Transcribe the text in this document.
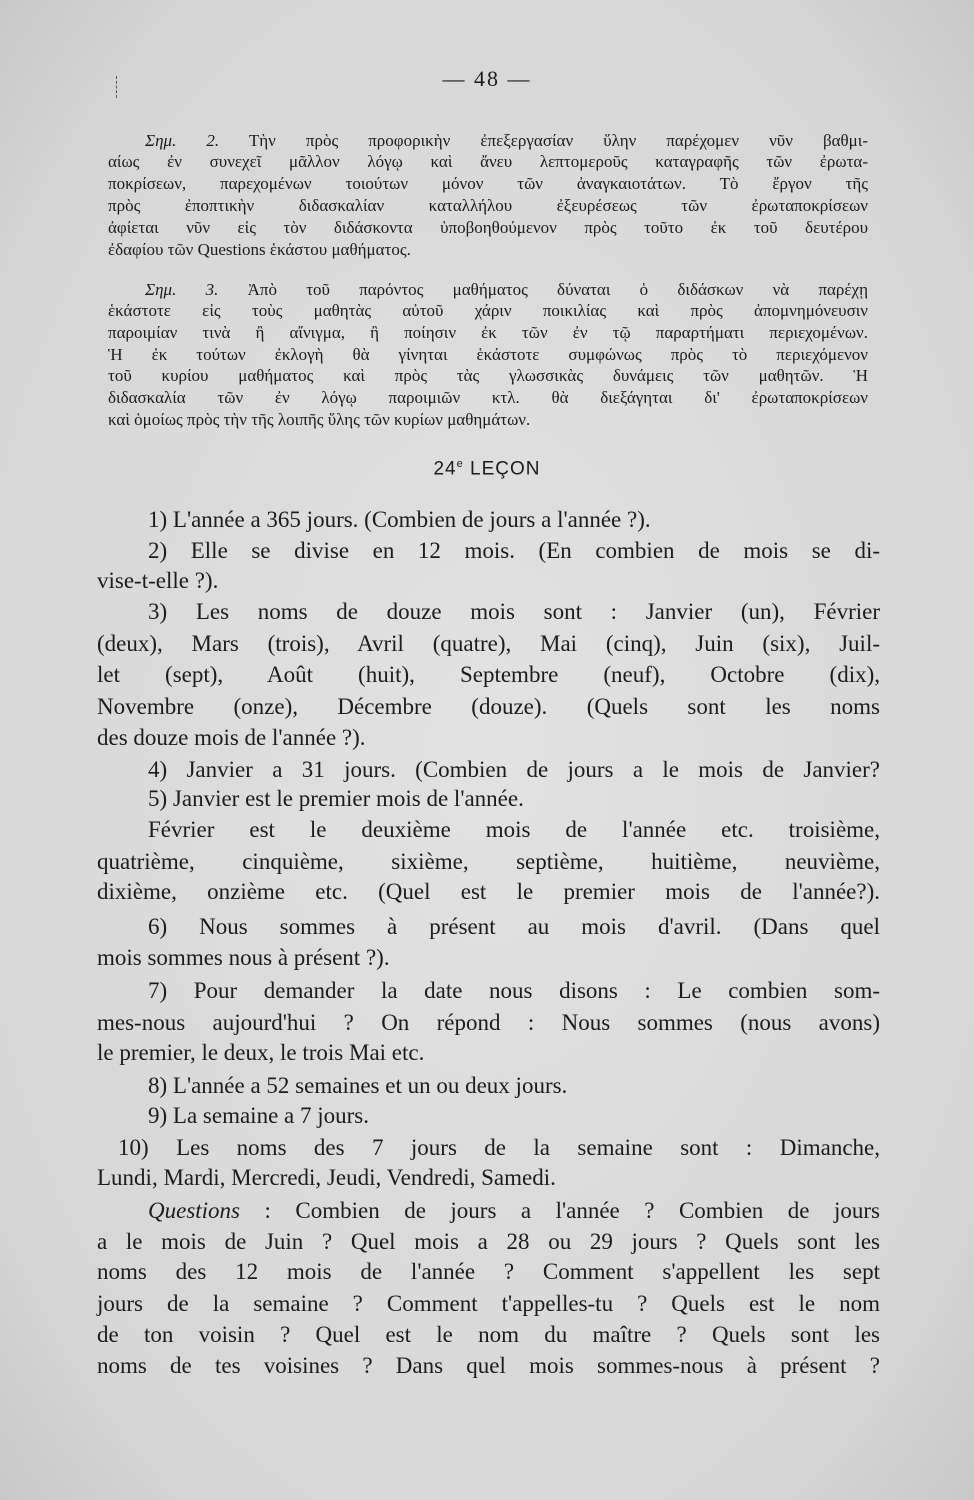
— 48 —
Σημ. 2. Τὴν πρὸς προφορικὴν ἐπεξεργασίαν ὕλην παρέχομεν νῦν βαθμι-
αίως ἐν συνεχεῖ μᾶλλον λόγῳ καὶ ἄνευ λεπτομεροῦς καταγραφῆς τῶν ἐρωτα-
ποκρίσεων, παρεχομένων τοιούτων μόνον τῶν ἀναγκαιοτάτων. Τὸ ἔργον τῆς
πρὸς ἐποπτικὴν διδασκαλίαν καταλλήλου ἐξευρέσεως τῶν ἐρωταποκρίσεων
ἀφίεται νῦν εἰς τὸν διδάσκοντα ὑποβοηθούμενον πρὸς τοῦτο ἐκ τοῦ δευτέρου
ἐδαφίου τῶν Questions ἑκάστου μαθήματος.
Σημ. 3. Ἀπὸ τοῦ παρόντος μαθήματος δύναται ὁ διδάσκων νὰ παρέχῃ
ἑκάστοτε εἰς τοὺς μαθητὰς αὐτοῦ χάριν ποικιλίας καὶ πρὸς ἀπομνημόνευσιν
παροιμίαν τινὰ ἢ αἴνιγμα, ἢ ποίησιν ἐκ τῶν ἐν τῷ παραρτήματι περιεχομένων.
Ἡ ἐκ τούτων ἐκλογὴ θὰ γίνηται ἑκάστοτε συμφώνως πρὸς τὸ περιεχόμενον
τοῦ κυρίου μαθήματος καὶ πρὸς τὰς γλωσσικὰς δυνάμεις τῶν μαθητῶν. Ἡ
διδασκαλία τῶν ἐν λόγῳ παροιμιῶν κτλ. θὰ διεξάγηται δι' ἐρωταποκρίσεων
καὶ ὁμοίως πρὸς τὴν τῆς λοιπῆς ὕλης τῶν κυρίων μαθημάτων.
24e LEÇON
1) L'année a 365 jours. (Combien de jours a l'année ?).
2) Elle se divise en 12 mois. (En combien de mois se di-
vise-t-elle ?).
3) Les noms de douze mois sont : Janvier (un), Février
(deux), Mars (trois), Avril (quatre), Mai (cinq), Juin (six), Juil-
let (sept), Août (huit), Septembre (neuf), Octobre (dix),
Novembre (onze), Décembre (douze). (Quels sont les noms
des douze mois de l'année ?).
4) Janvier a 31 jours. (Combien de jours a le mois de Janvier?
5) Janvier est le premier mois de l'année.
Février est le deuxième mois de l'année etc. troisième,
quatrième, cinquième, sixième, septième, huitième, neuvième,
dixième, onzième etc. (Quel est le premier mois de l'année?).
6) Nous sommes à présent au mois d'avril. (Dans quel
mois sommes nous à présent ?).
7) Pour demander la date nous disons : Le combien som-
mes-nous aujourd'hui ? On répond : Nous sommes (nous avons)
le premier, le deux, le trois Mai etc.
8) L'année a 52 semaines et un ou deux jours.
9) La semaine a 7 jours.
10) Les noms des 7 jours de la semaine sont : Dimanche,
Lundi, Mardi, Mercredi, Jeudi, Vendredi, Samedi.
Questions : Combien de jours a l'année ? Combien de jours
a le mois de Juin ? Quel mois a 28 ou 29 jours ? Quels sont les
noms des 12 mois de l'année ? Comment s'appellent les sept
jours de la semaine ? Comment t'appelles-tu ? Quels est le nom
de ton voisin ? Quel est le nom du maître ? Quels sont les
noms de tes voisines ? Dans quel mois sommes-nous à présent ?
